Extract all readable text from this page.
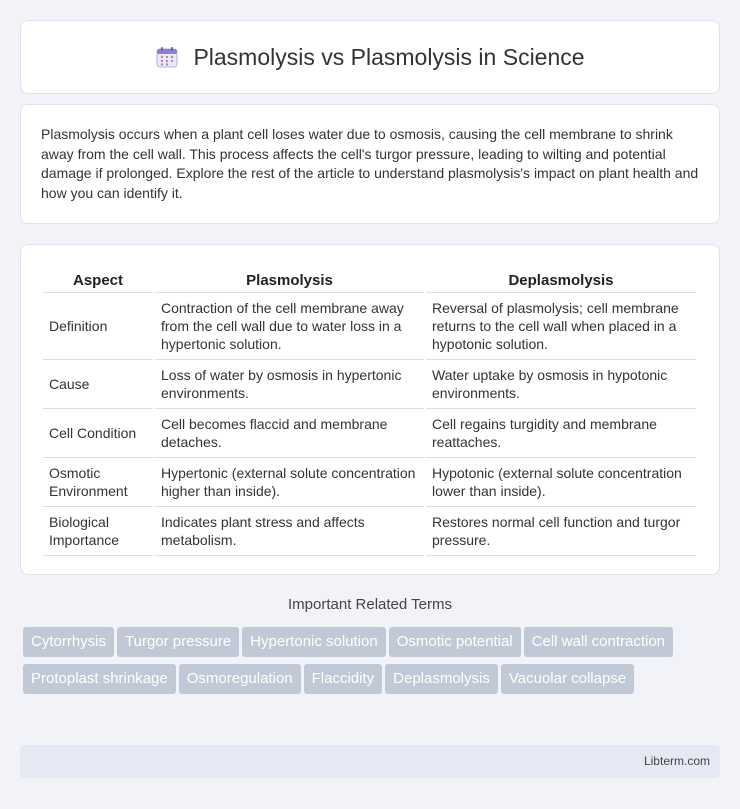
Plasmolysis vs Plasmolysis in Science

Plasmolysis occurs when a plant cell loses water due to osmosis, causing the cell membrane to shrink away from the cell wall. This process affects the cell's turgor pressure, leading to wilting and potential damage if prolonged. Explore the rest of the article to understand plasmolysis's impact on plant health and how you can identify it.

Aspect	Plasmolysis	Deplasmolysis
Definition	Contraction of the cell membrane away from the cell wall due to water loss in a hypertonic solution.	Reversal of plasmolysis; cell membrane returns to the cell wall when placed in a hypotonic solution.
Cause	Loss of water by osmosis in hypertonic environments.	Water uptake by osmosis in hypotonic environments.
Cell Condition	Cell becomes flaccid and membrane detaches.	Cell regains turgidity and membrane reattaches.
Osmotic Environment	Hypertonic (external solute concentration higher than inside).	Hypotonic (external solute concentration lower than inside).
Biological Importance	Indicates plant stress and affects metabolism.	Restores normal cell function and turgor pressure.
Important Related Terms
Cytorrhysis Turgor pressure Hypertonic solution Osmotic potential Cell wall contractionProtoplast shrinkage Osmoregulation Flaccidity Deplasmolysis Vacuolar collapse
Libterm.com
